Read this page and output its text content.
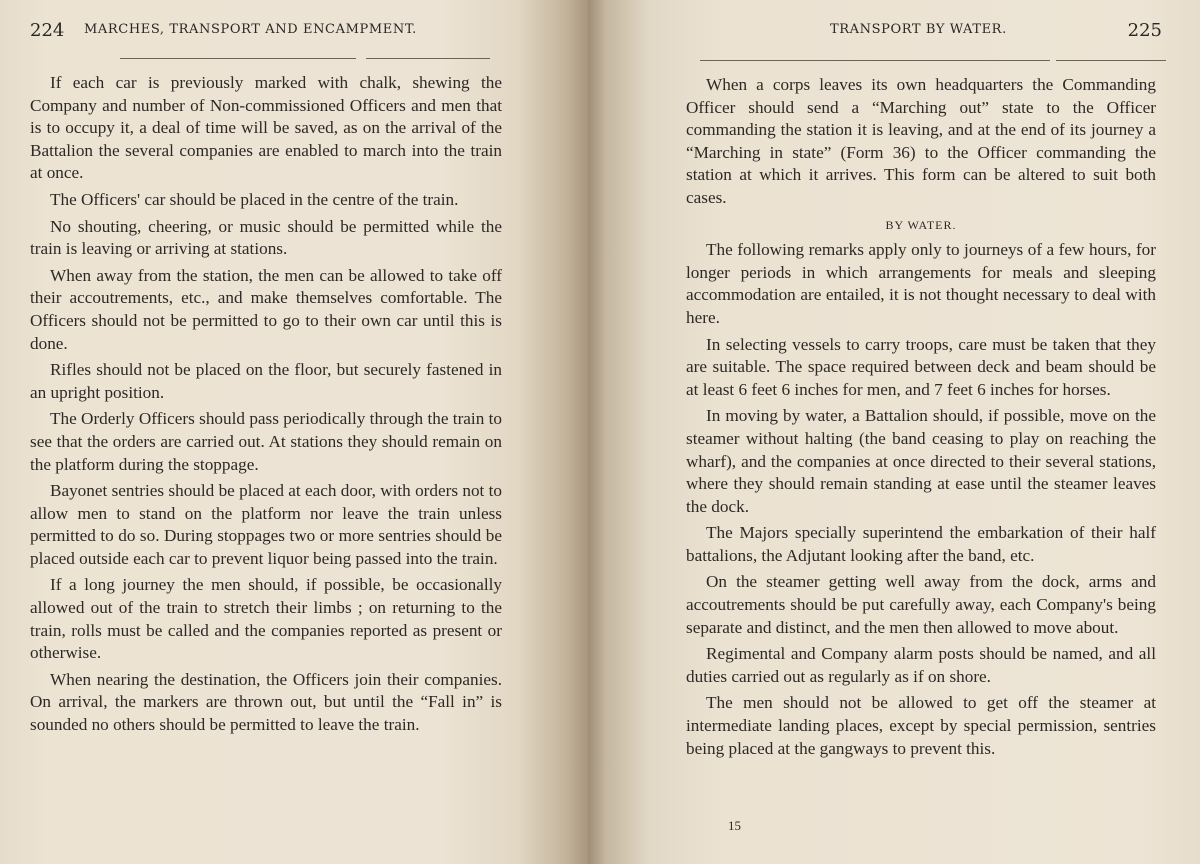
224 MARCHES, TRANSPORT AND ENCAMPMENT.

If each car is previously marked with chalk, shewing the Company and number of Non-commissioned Officers and men that is to occupy it, a deal of time will be saved, as on the arrival of the Battalion the several companies are enabled to march into the train at once.

The Officers' car should be placed in the centre of the train.

No shouting, cheering, or music should be permitted while the train is leaving or arriving at stations.

When away from the station, the men can be allowed to take off their accoutrements, etc., and make themselves comfortable. The Officers should not be permitted to go to their own car until this is done.

Rifles should not be placed on the floor, but securely fastened in an upright position.

The Orderly Officers should pass periodically through the train to see that the orders are carried out. At stations they should remain on the platform during the stoppage.

Bayonet sentries should be placed at each door, with orders not to allow men to stand on the platform nor leave the train unless permitted to do so. During stoppages two or more sentries should be placed outside each car to prevent liquor being passed into the train.

If a long journey the men should, if possible, be occasionally allowed out of the train to stretch their limbs ; on returning to the train, rolls must be called and the companies reported as present or otherwise.

When nearing the destination, the Officers join their companies. On arrival, the markers are thrown out, but until the “Fall in” is sounded no others should be permitted to leave the train.

TRANSPORT BY WATER.	225

When a corps leaves its own headquarters the Commanding Officer should send a “Marching out” state to the Officer commanding the station it is leaving, and at the end of its journey a “Marching in state” (Form 36) to the Officer commanding the station at which it arrives. This form can be altered to suit both cases.

BY WATER.

The following remarks apply only to journeys of a few hours, for longer periods in which arrangements for meals and sleeping accommodation are entailed, it is not thought necessary to deal with here.

In selecting vessels to carry troops, care must be taken that they are suitable. The space required between deck and beam should be at least 6 feet 6 inches for men, and 7 feet 6 inches for horses.

In moving by water, a Battalion should, if possible, move on the steamer without halting (the band ceasing to play on reaching the wharf), and the companies at once directed to their several stations, where they should remain standing at ease until the steamer leaves the dock.

The Majors specially superintend the embarkation of their half battalions, the Adjutant looking after the band, etc.

On the steamer getting well away from the dock, arms and accoutrements should be put carefully away, each Company's being separate and distinct, and the men then allowed to move about.

Regimental and Company alarm posts should be named, and all duties carried out as regularly as if on shore.

The men should not be allowed to get off the steamer at intermediate landing places, except by special permission, sentries being placed at the gangways to prevent this.

15
